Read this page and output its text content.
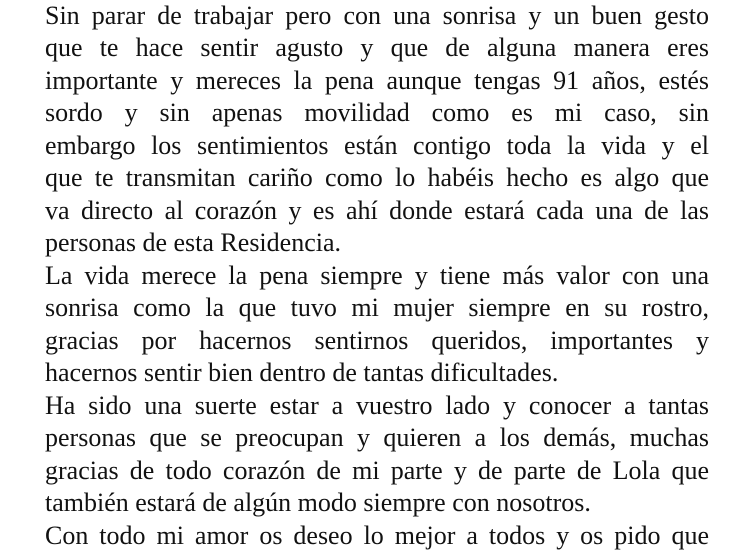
Sin parar de trabajar pero con una sonrisa y un buen gesto
que te hace sentir agusto y que de alguna manera eres
importante y mereces la pena aunque tengas 91 años, estés
sordo y sin apenas movilidad como es mi caso, sin
embargo los sentimientos están contigo toda la vida y el
que te transmitan cariño como lo habéis hecho es algo que
va directo al corazón y es ahí donde estará cada una de las
personas de esta Residencia.
La vida merece la pena siempre y tiene más valor con una
sonrisa como la que tuvo mi mujer siempre en su rostro,
gracias por hacernos sentirnos queridos, importantes y
hacernos sentir bien dentro de tantas dificultades.
Ha sido una suerte estar a vuestro lado y conocer a tantas
personas que se preocupan y quieren a los demás, muchas
gracias de todo corazón de mi parte y de parte de Lola que
también estará de algún modo siempre con nosotros.
Con todo mi amor os deseo lo mejor a todos y os pido que
